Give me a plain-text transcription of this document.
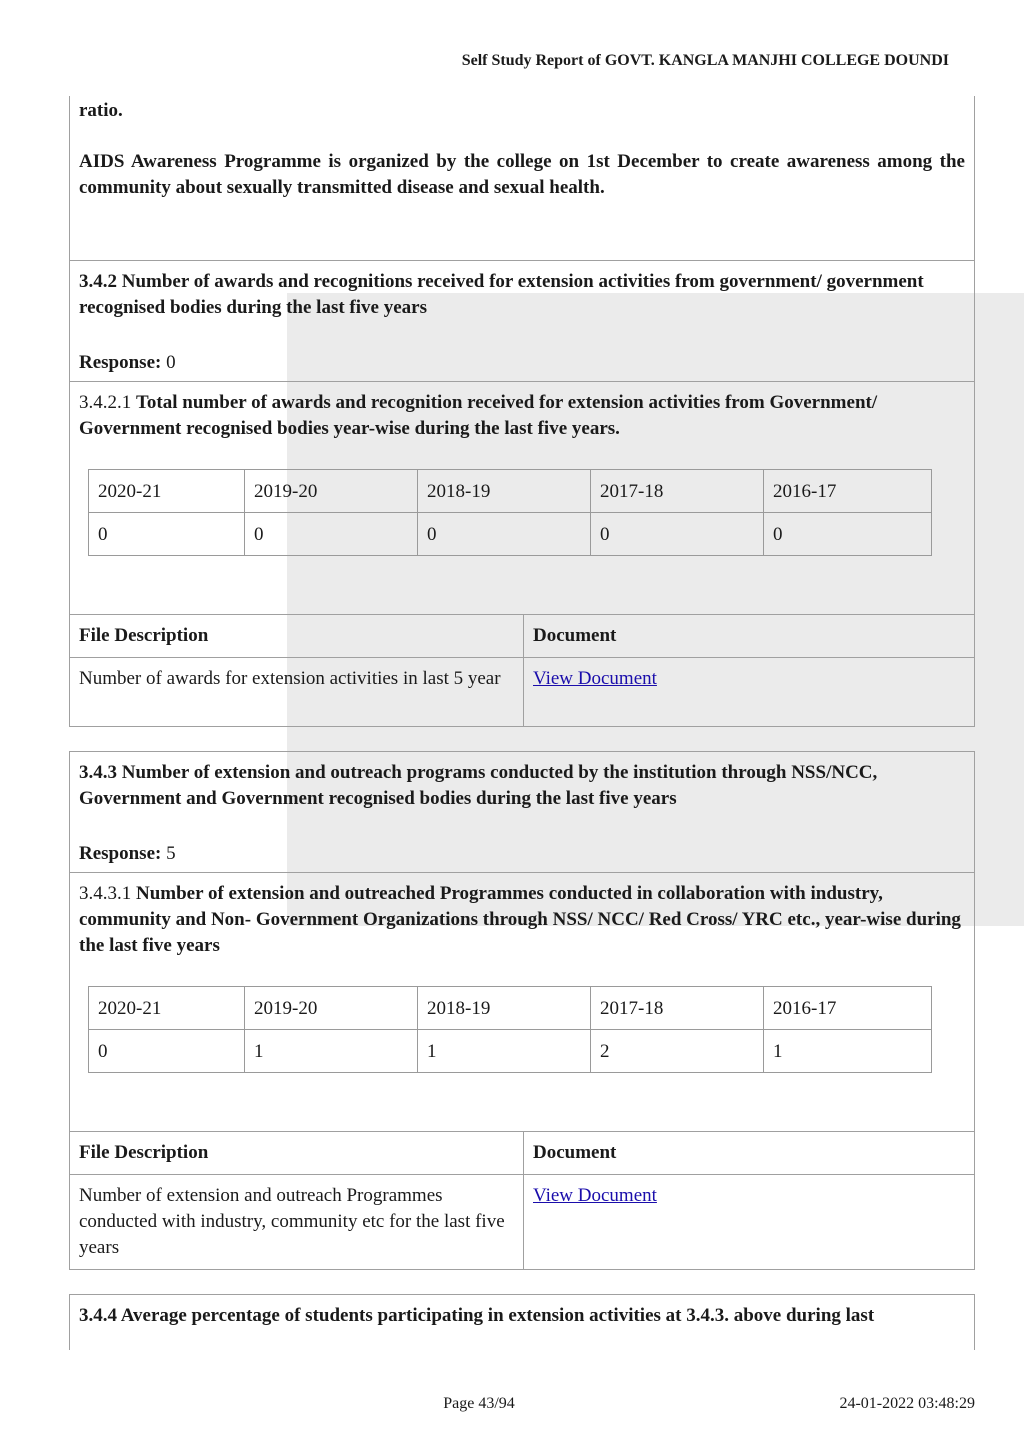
Self Study Report of GOVT. KANGLA MANJHI COLLEGE DOUNDI

ratio.

AIDS Awareness Programme is organized by the college on 1st December to create awareness among the community about sexually transmitted disease and sexual health.

3.4.2 Number of awards and recognitions received for extension activities from government/ government recognised bodies during the last five years

Response: 0

3.4.2.1 Total number of awards and recognition received for extension activities from Government/ Government recognised bodies year-wise during the last five years.

2020-21	2019-20	2018-19	2017-18	2016-17
0	0	0	0	0
File Description	Document
Number of awards for extension activities in last 5 year	View Document

3.4.3 Number of extension and outreach programs conducted by the institution through NSS/NCC, Government and Government recognised bodies during the last five years

Response: 5

3.4.3.1 Number of extension and outreached Programmes conducted in collaboration with industry, community and Non- Government Organizations through NSS/ NCC/ Red Cross/ YRC etc., year-wise during the last five years

2020-21	2019-20	2018-19	2017-18	2016-17
0	1	1	2	1
File Description	Document
Number of extension and outreach Programmes conducted with industry, community etc for the last five years	View Document

3.4.4 Average percentage of students participating in extension activities at 3.4.3. above during last

Page 43/94	24-01-2022 03:48:29
